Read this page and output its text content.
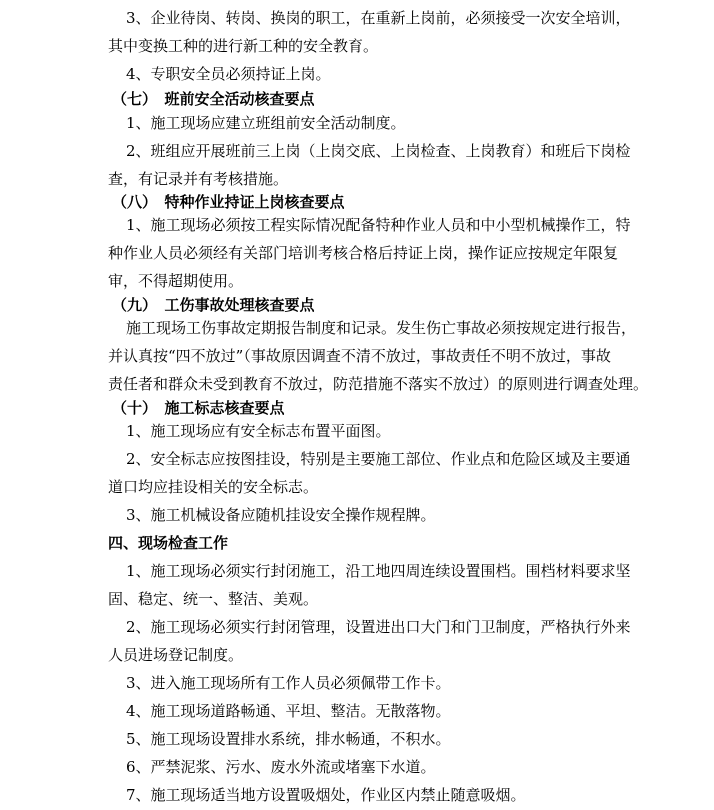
3、企业待岗、转岗、换岗的职工，在重新上岗前，必须接受一次安全培训，
其中变换工种的进行新工种的安全教育。
4、专职安全员必须持证上岗。
（七）　班前安全活动核查要点
1、施工现场应建立班组前安全活动制度。
2、班组应开展班前三上岗（上岗交底、上岗检查、上岗教育）和班后下岗检
查，有记录并有考核措施。
（八）　特种作业持证上岗核查要点
1、施工现场必须按工程实际情况配备特种作业人员和中小型机械操作工，特
种作业人员必须经有关部门培训考核合格后持证上岗，操作证应按规定年限复
审，不得超期使用。
（九）　工伤事故处理核查要点
施工现场工伤事故定期报告制度和记录。发生伤亡事故必须按规定进行报告，
并认真按“四不放过”（事故原因调查不清不放过，事故责任不明不放过，事故
责任者和群众未受到教育不放过，防范措施不落实不放过）的原则进行调查处理。
（十）　施工标志核查要点
1、施工现场应有安全标志布置平面图。
2、安全标志应按图挂设，特别是主要施工部位、作业点和危险区域及主要通
道口均应挂设相关的安全标志。
3、施工机械设备应随机挂设安全操作规程牌。
四、现场检查工作
1、施工现场必须实行封闭施工，沿工地四周连续设置围档。围档材料要求坚
固、稳定、统一、整洁、美观。
2、施工现场必须实行封闭管理，设置进出口大门和门卫制度，严格执行外来
人员进场登记制度。
3、进入施工现场所有工作人员必须佩带工作卡。
4、施工现场道路畅通、平坦、整洁。无散落物。
5、施工现场设置排水系统，排水畅通，不积水。
6、严禁泥浆、污水、废水外流或堵塞下水道。
7、施工现场适当地方设置吸烟处，作业区内禁止随意吸烟。
